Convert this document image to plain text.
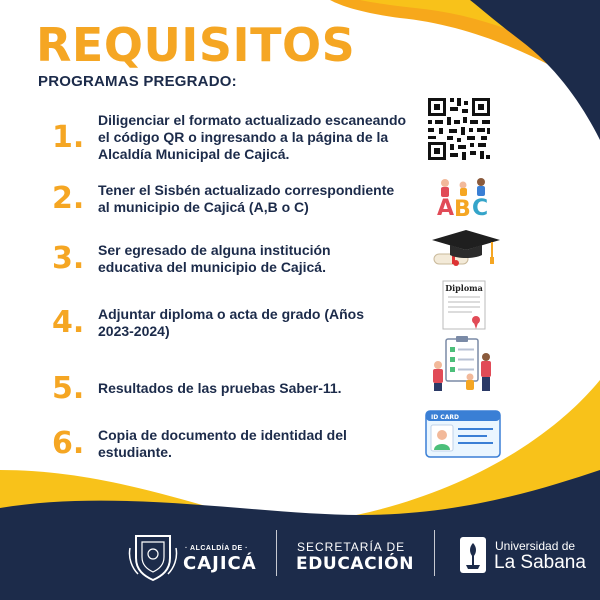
REQUISITOS
PROGRAMAS PREGRADO:
1. Diligenciar el formato actualizado escaneando el código QR o ingresando a la página de la Alcaldía Municipal de Cajicá.
2. Tener el Sisbén actualizado correspondiente al municipio de Cajicá (A,B o C)
3. Ser egresado de alguna institución educativa del municipio de Cajicá.
4. Adjuntar diploma o acta de grado (Años 2023-2024)
5. Resultados de las pruebas Saber-11.
6. Copia de documento de identidad del estudiante.
A B C
Diploma
ID CARD
· ALCALDÍA DE ·
CAJICÁ
SECRETARÍA DE
EDUCACIÓN
Universidad de
La Sabana
